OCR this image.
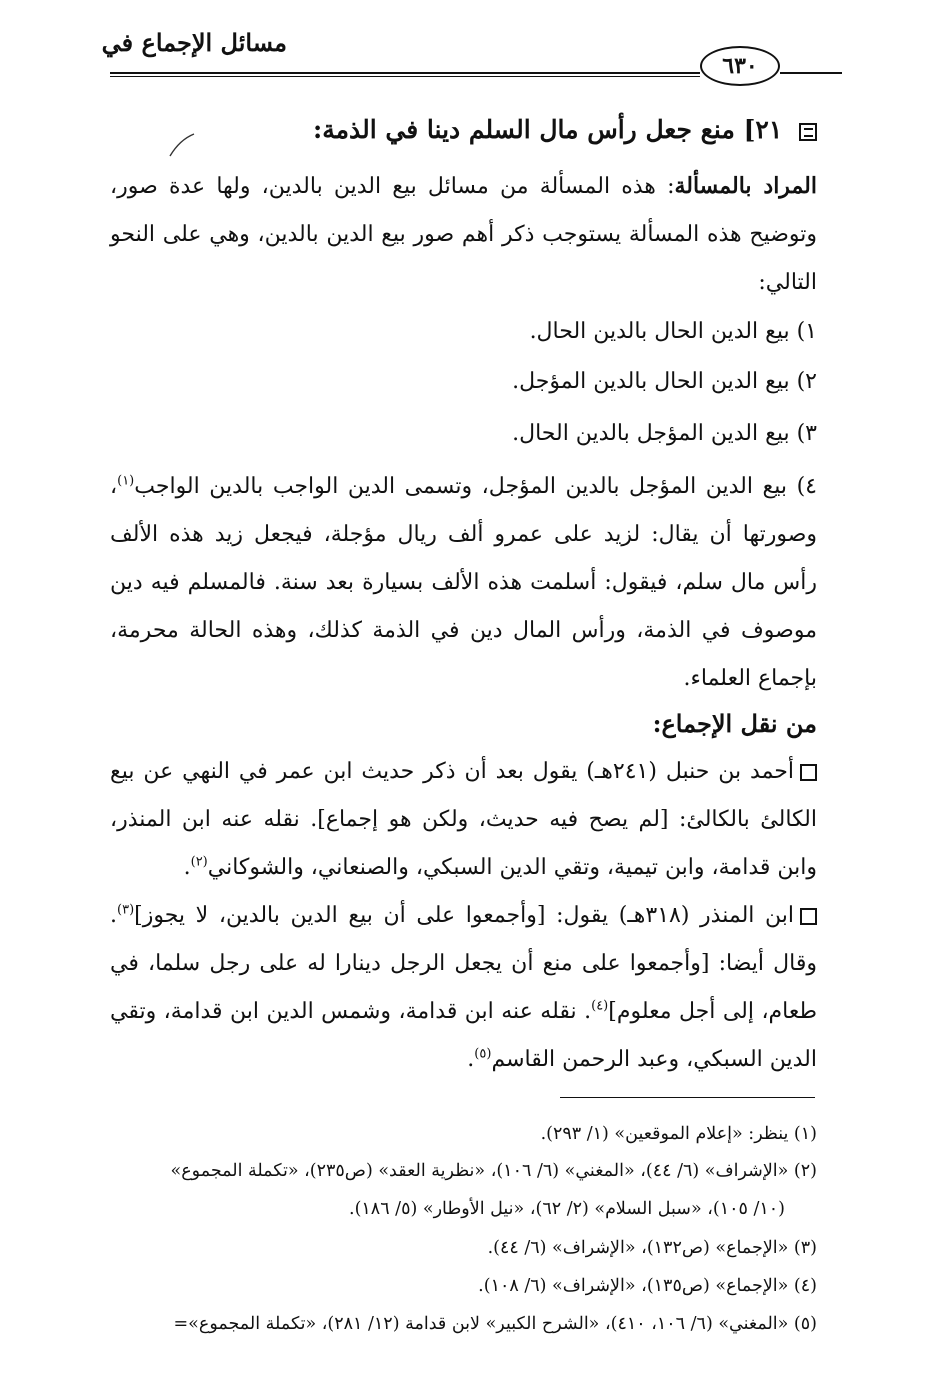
مسائل الإجماع في
٦٣٠
٢١] منع جعل رأس مال السلم دينا في الذمة:
المراد بالمسألة: هذه المسألة من مسائل بيع الدين بالدين، ولها عدة صور، وتوضيح هذه المسألة يستوجب ذكر أهم صور بيع الدين بالدين، وهي على النحو التالي:
١) بيع الدين الحال بالدين الحال.
٢) بيع الدين الحال بالدين المؤجل.
٣) بيع الدين المؤجل بالدين الحال.
٤) بيع الدين المؤجل بالدين المؤجل، وتسمى الدين الواجب بالدين الواجب$^{(١)}$، وصورتها أن يقال: لزيد على عمرو ألف ريال مؤجلة، فيجعل زيد هذه الألف رأس مال سلم، فيقول: أسلمت هذه الألف بسيارة بعد سنة. فالمسلم فيه دين موصوف في الذمة، ورأس المال دين في الذمة كذلك، وهذه الحالة محرمة، بإجماع العلماء.
من نقل الإجماع:
أحمد بن حنبل (٢٤١هـ) يقول بعد أن ذكر حديث ابن عمر في النهي عن بيع الكالئ بالكالئ: [لم يصح فيه حديث، ولكن هو إجماع]. نقله عنه ابن المنذر، وابن قدامة، وابن تيمية، وتقي الدين السبكي، والصنعاني، والشوكاني$^{(٢)}$.
ابن المنذر (٣١٨هـ) يقول: [وأجمعوا على أن بيع الدين بالدين، لا يجوز]$^{(٣)}$. وقال أيضا: [وأجمعوا على منع أن يجعل الرجل دينارا له على رجل سلما، في طعام، إلى أجل معلوم]$^{(٤)}$. نقله عنه ابن قدامة، وشمس الدين ابن قدامة، وتقي الدين السبكي، وعبد الرحمن القاسم$^{(٥)}$.
(١) ينظر: «إعلام الموقعين» (١/ ٢٩٣).
(٢) «الإشراف» (٦/ ٤٤)، «المغني» (٦/ ١٠٦)، «نظرية العقد» (ص٢٣٥)، «تكملة المجموع»
(١٠/ ١٠٥)، «سبل السلام» (٢/ ٦٢)، «نيل الأوطار» (٥/ ١٨٦).
(٣) «الإجماع» (ص١٣٢)، «الإشراف» (٦/ ٤٤).
(٤) «الإجماع» (ص١٣٥)، «الإشراف» (٦/ ١٠٨).
(٥) «المغني» (٦/ ١٠٦، ٤١٠)، «الشرح الكبير» لابن قدامة (١٢/ ٢٨١)، «تكملة المجموع»=
